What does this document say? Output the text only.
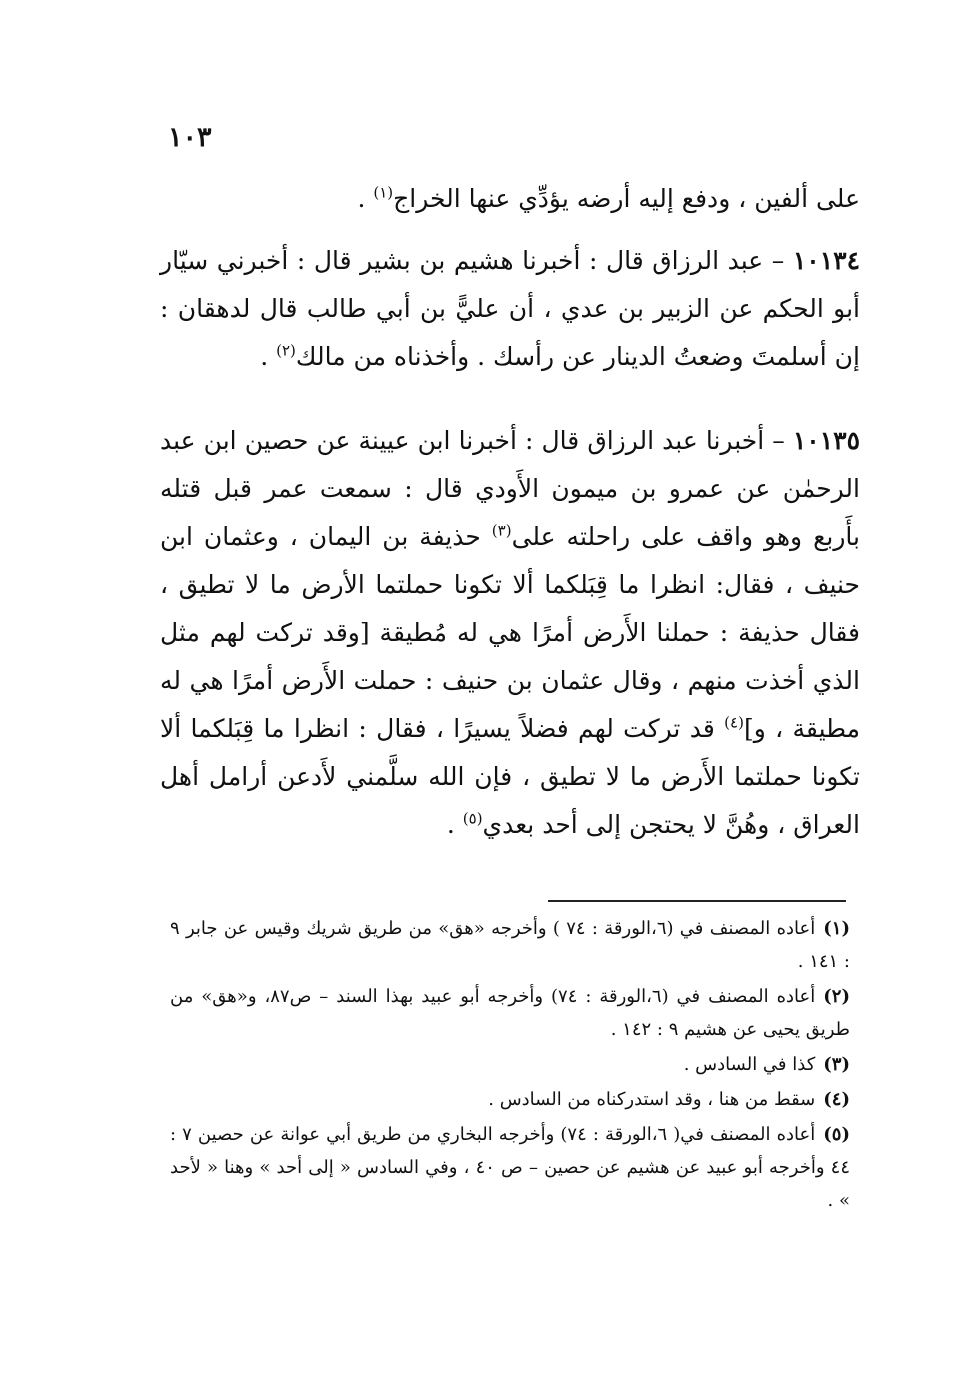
١٠٣

على ألفين ، ودفع إليه أرضه يؤدِّي عنها الخراج$^{(١)}$ .

١٠١٣٤ – عبد الرزاق قال : أخبرنا هشيم بن بشير قال : أخبرني سيّار أبو الحكم عن الزبير بن عدي ، أن عليًّ بن أبي طالب قال لدهقان : إن أسلمتَ وضعتُ الدينار عن رأسك . وأخذناه من مالك$^{(٢)}$ .

١٠١٣٥ – أخبرنا عبد الرزاق قال : أخبرنا ابن عيينة عن حصين ابن عبد الرحمٰن عن عمرو بن ميمون الأَودي قال : سمعت عمر قبل قتله بأَربع وهو واقف على راحلته على$^{(٣)}$ حذيفة بن اليمان ، وعثمان ابن حنيف ، فقال: انظرا ما قِبَلكما ألا تكونا حملتما الأرض ما لا تطيق ، فقال حذيفة : حملنا الأَرض أمرًا هي له مُطيقة [وقد تركت لهم مثل الذي أخذت منهم ، وقال عثمان بن حنيف : حملت الأَرض أمرًا هي له مطيقة ، و]$^{(٤)}$ قد تركت لهم فضلاً يسيرًا ، فقال : انظرا ما قِبَلكما ألا تكونا حملتما الأَرض ما لا تطيق ، فإن الله سلَّمني لأَدعن أرامل أهل العراق ، وهُنَّ لا يحتجن إلى أحد بعدي$^{(٥)}$ .

(١)أعاده المصنف في (٦،الورقة : ٧٤ ) وأخرجه «هق» من طريق شريك وقيس عن جابر ٩ : ١٤١ .

(٢)أعاده المصنف في (٦،الورقة : ٧٤) وأخرجه أبو عبيد بهذا السند – ص٨٧، و«هق» من طريق يحيى عن هشيم ٩ : ١٤٢ .

(٣)كذا في السادس .

(٤)سقط من هنا ، وقد استدركناه من السادس .

(٥)أعاده المصنف في( ٦،الورقة : ٧٤) وأخرجه البخاري من طريق أبي عوانة عن حصين ٧ : ٤٤ وأخرجه أبو عبيد عن هشيم عن حصين – ص ٤٠ ، وفي السادس « إلى أحد » وهنا « لأحد » .
